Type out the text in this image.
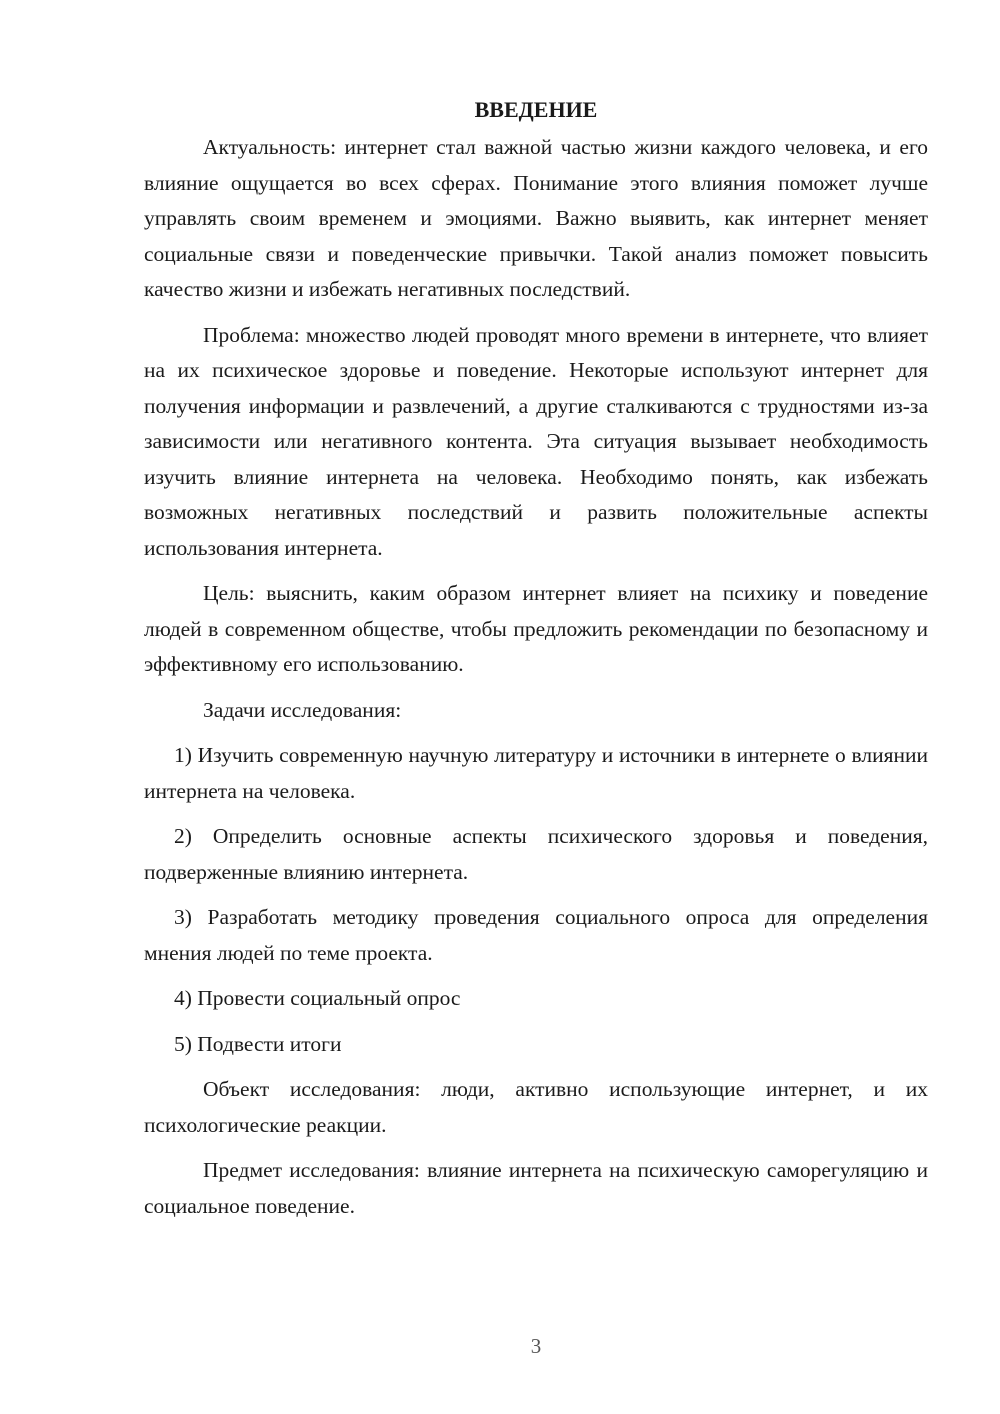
ВВЕДЕНИЕ

Актуальность: интернет стал важной частью жизни каждого человека, и его влияние ощущается во всех сферах. Понимание этого влияния поможет лучше управлять своим временем и эмоциями. Важно выявить, как интернет меняет социальные связи и поведенческие привычки. Такой анализ поможет повысить качество жизни и избежать негативных последствий.

Проблема: множество людей проводят много времени в интернете, что влияет на их психическое здоровье и поведение. Некоторые используют интернет для получения информации и развлечений, а другие сталкиваются с трудностями из-за зависимости или негативного контента. Эта ситуация вызывает необходимость изучить влияние интернета на человека. Необходимо понять, как избежать возможных негативных последствий и развить положительные аспекты использования интернета.

Цель: выяснить, каким образом интернет влияет на психику и поведение людей в современном обществе, чтобы предложить рекомендации по безопасному и эффективному его использованию.

Задачи исследования:

1) Изучить современную научную литературу и источники в интернете о влиянии интернета на человека.

2) Определить основные аспекты психического здоровья и поведения, подверженные влиянию интернета.

3) Разработать методику проведения социального опроса для определения мнения людей по теме проекта.

4) Провести социальный опрос

5) Подвести итоги

Объект исследования: люди, активно использующие интернет, и их психологические реакции.

Предмет исследования: влияние интернета на психическую саморегуляцию и социальное поведение.

3
